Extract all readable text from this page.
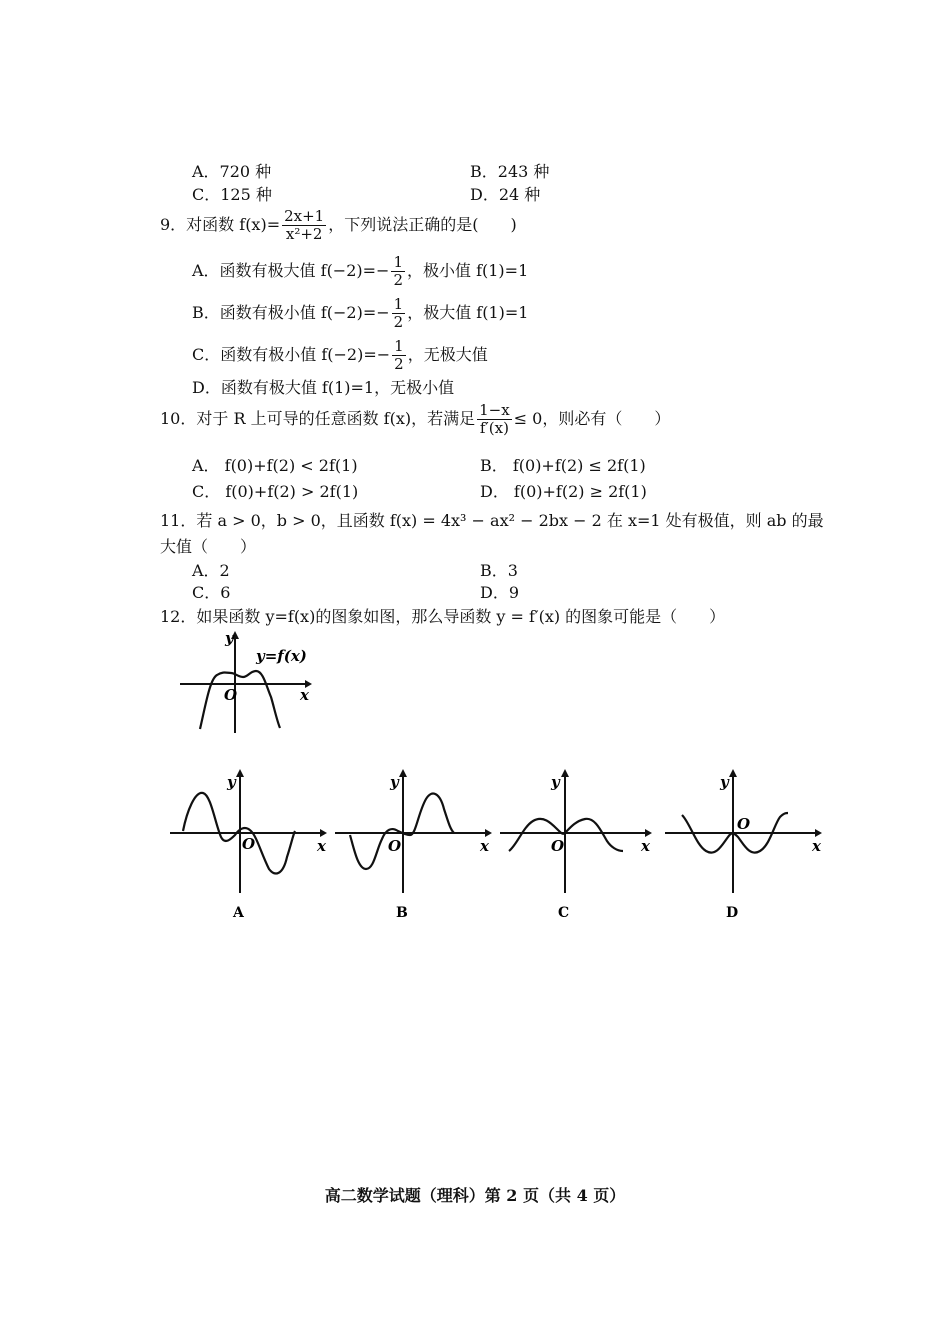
A．720 种	B．243 种
C．125 种	D．24 种
9．对函数 $f(x)= \frac{2x+1}{\text{x²+2}}$ ，下列说法正确的是(　　)
A．函数有极大值 $f(-2)=- \frac{1}{2}$ ，极小值 f(1)=1
B．函数有极小值 $f(-2)=- \frac{1}{2}$ ，极大值 f(1)=1
C．函数有极小值 $f(-2)=- \frac{1}{2}$ ，无极大值
D．函数有极大值 f(1)=1，无极小值
10．对于 R 上可导的任意函数 f(x)，若满足 $\frac{1-x}{f'(x)} \le 0$，则必有（　　）
A． f(0)+f(2) < 2f(1)	B． f(0)+f(2) ≤ 2f(1)
C． f(0)+f(2) > 2f(1)	D． f(0)+f(2) ≥ 2f(1)
11．若 a > 0，b > 0，且函数 f(x) = 4x³ − ax² − 2bx − 2 在 x=1 处有极值，则 ab 的最
大值（　　）
A．2	B．3
C．6	D．9
12．如果函数 y=f(x)的图象如图，那么导函数 y = f′(x) 的图象可能是（　　）
y
y=f(x)
O	x
y
O	x
A
y
O	x
B
y
O	x
C
y
O
x
D
高二数学试题（理科）第 2 页（共 4 页）
